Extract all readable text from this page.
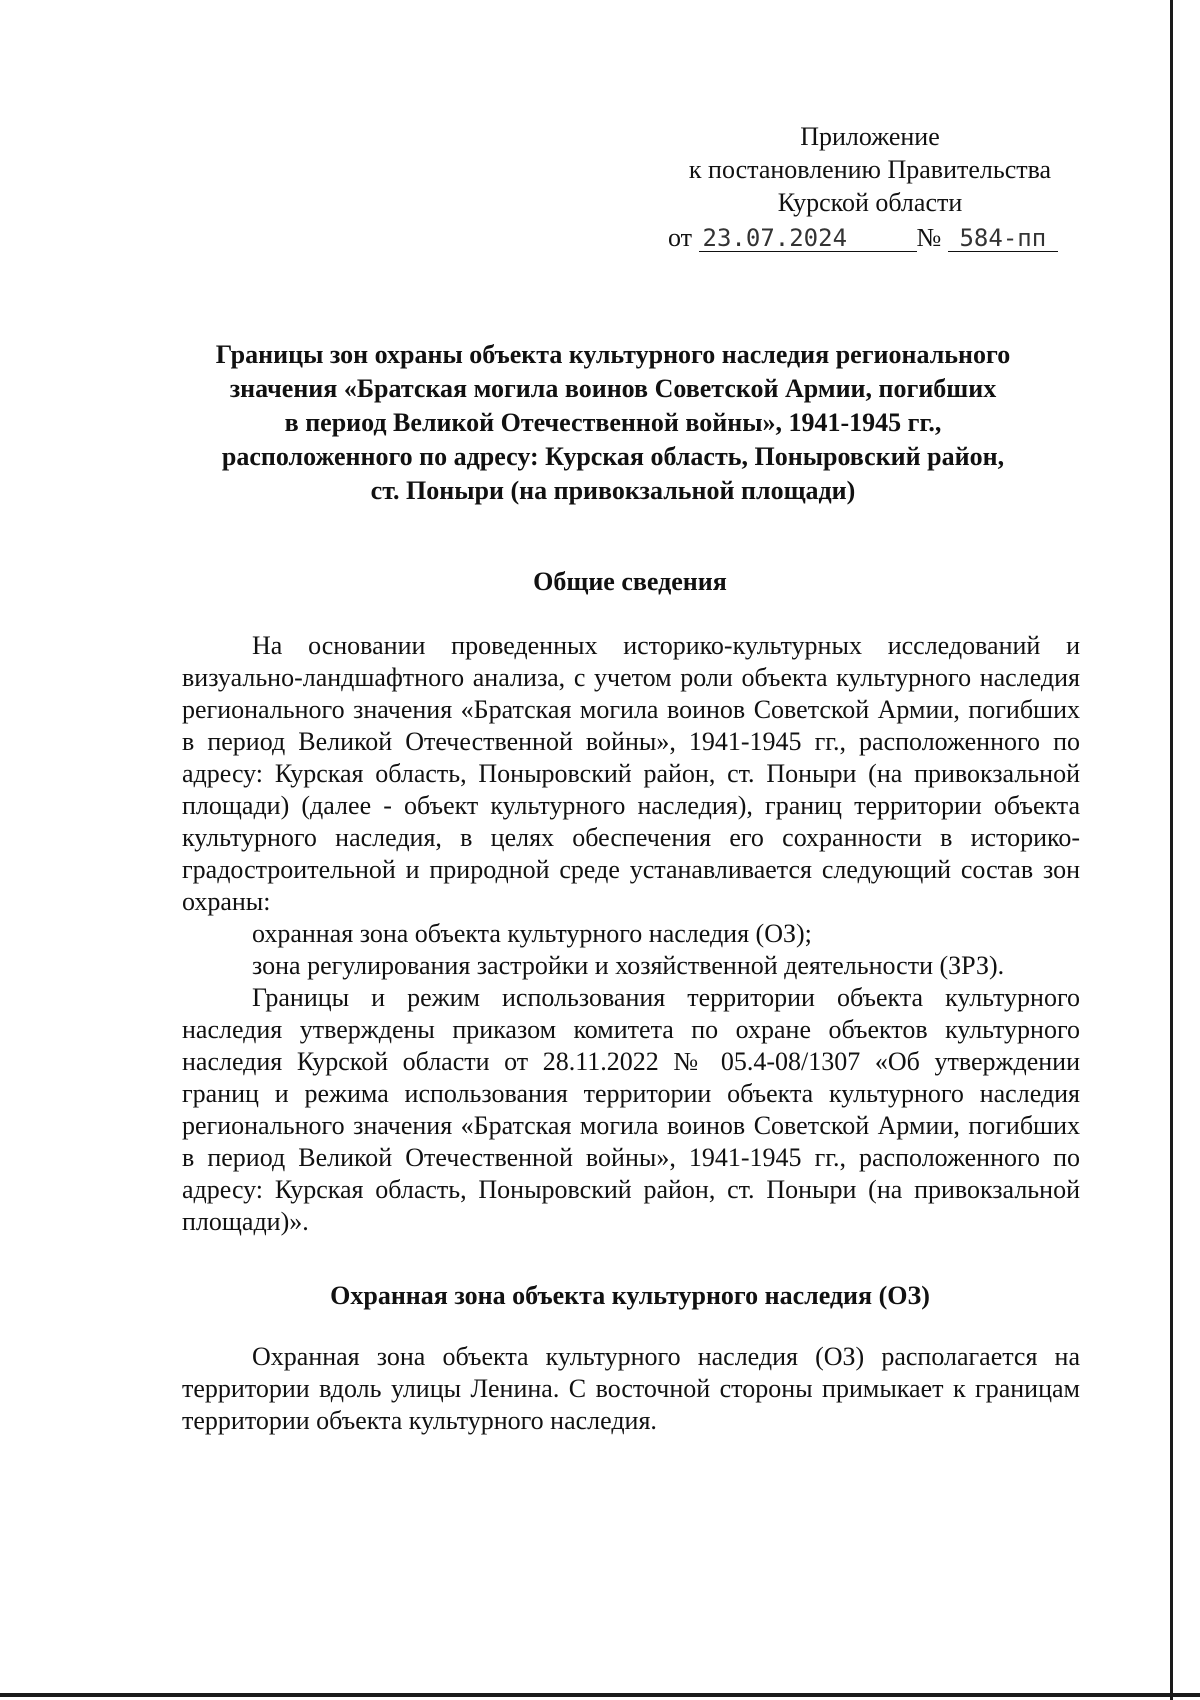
Приложение
к постановлению Правительства
Курской области
от 23.07.2024	№ 584-пп
Границы зон охраны объекта культурного наследия регионального
значения «Братская могила воинов Советской Армии, погибших
в период Великой Отечественной войны», 1941-1945 гг.,
расположенного по адресу: Курская область, Поныровский район,
ст. Поныри (на привокзальной площади)
Общие сведения

На основании проведенных историко-культурных исследований и визуально-ландшафтного анализа, с учетом роли объекта культурного наследия регионального значения «Братская могила воинов Советской Армии, погибших в период Великой Отечественной войны», 1941-1945 гг., расположенного по адресу: Курская область, Поныровский район, ст. Поныри (на привокзальной площади) (далее - объект культурного наследия), границ территории объекта культурного наследия, в целях обеспечения его сохранности в историко-градостроительной и природной среде устанавливается следующий состав зон охраны:

охранная зона объекта культурного наследия (ОЗ);

зона регулирования застройки и хозяйственной деятельности (ЗРЗ).

Границы и режим использования территории объекта культурного наследия утверждены приказом комитета по охране объектов культурного наследия Курской области от 28.11.2022 № 05.4-08/1307 «Об утверждении границ и режима использования территории объекта культурного наследия регионального значения «Братская могила воинов Советской Армии, погибших в период Великой Отечественной войны», 1941-1945 гг., расположенного по адресу: Курская область, Поныровский район, ст. Поныри (на привокзальной площади)».

Охранная зона объекта культурного наследия (ОЗ)

Охранная зона объекта культурного наследия (ОЗ) располагается на территории вдоль улицы Ленина. С восточной стороны примыкает к границам территории объекта культурного наследия.
